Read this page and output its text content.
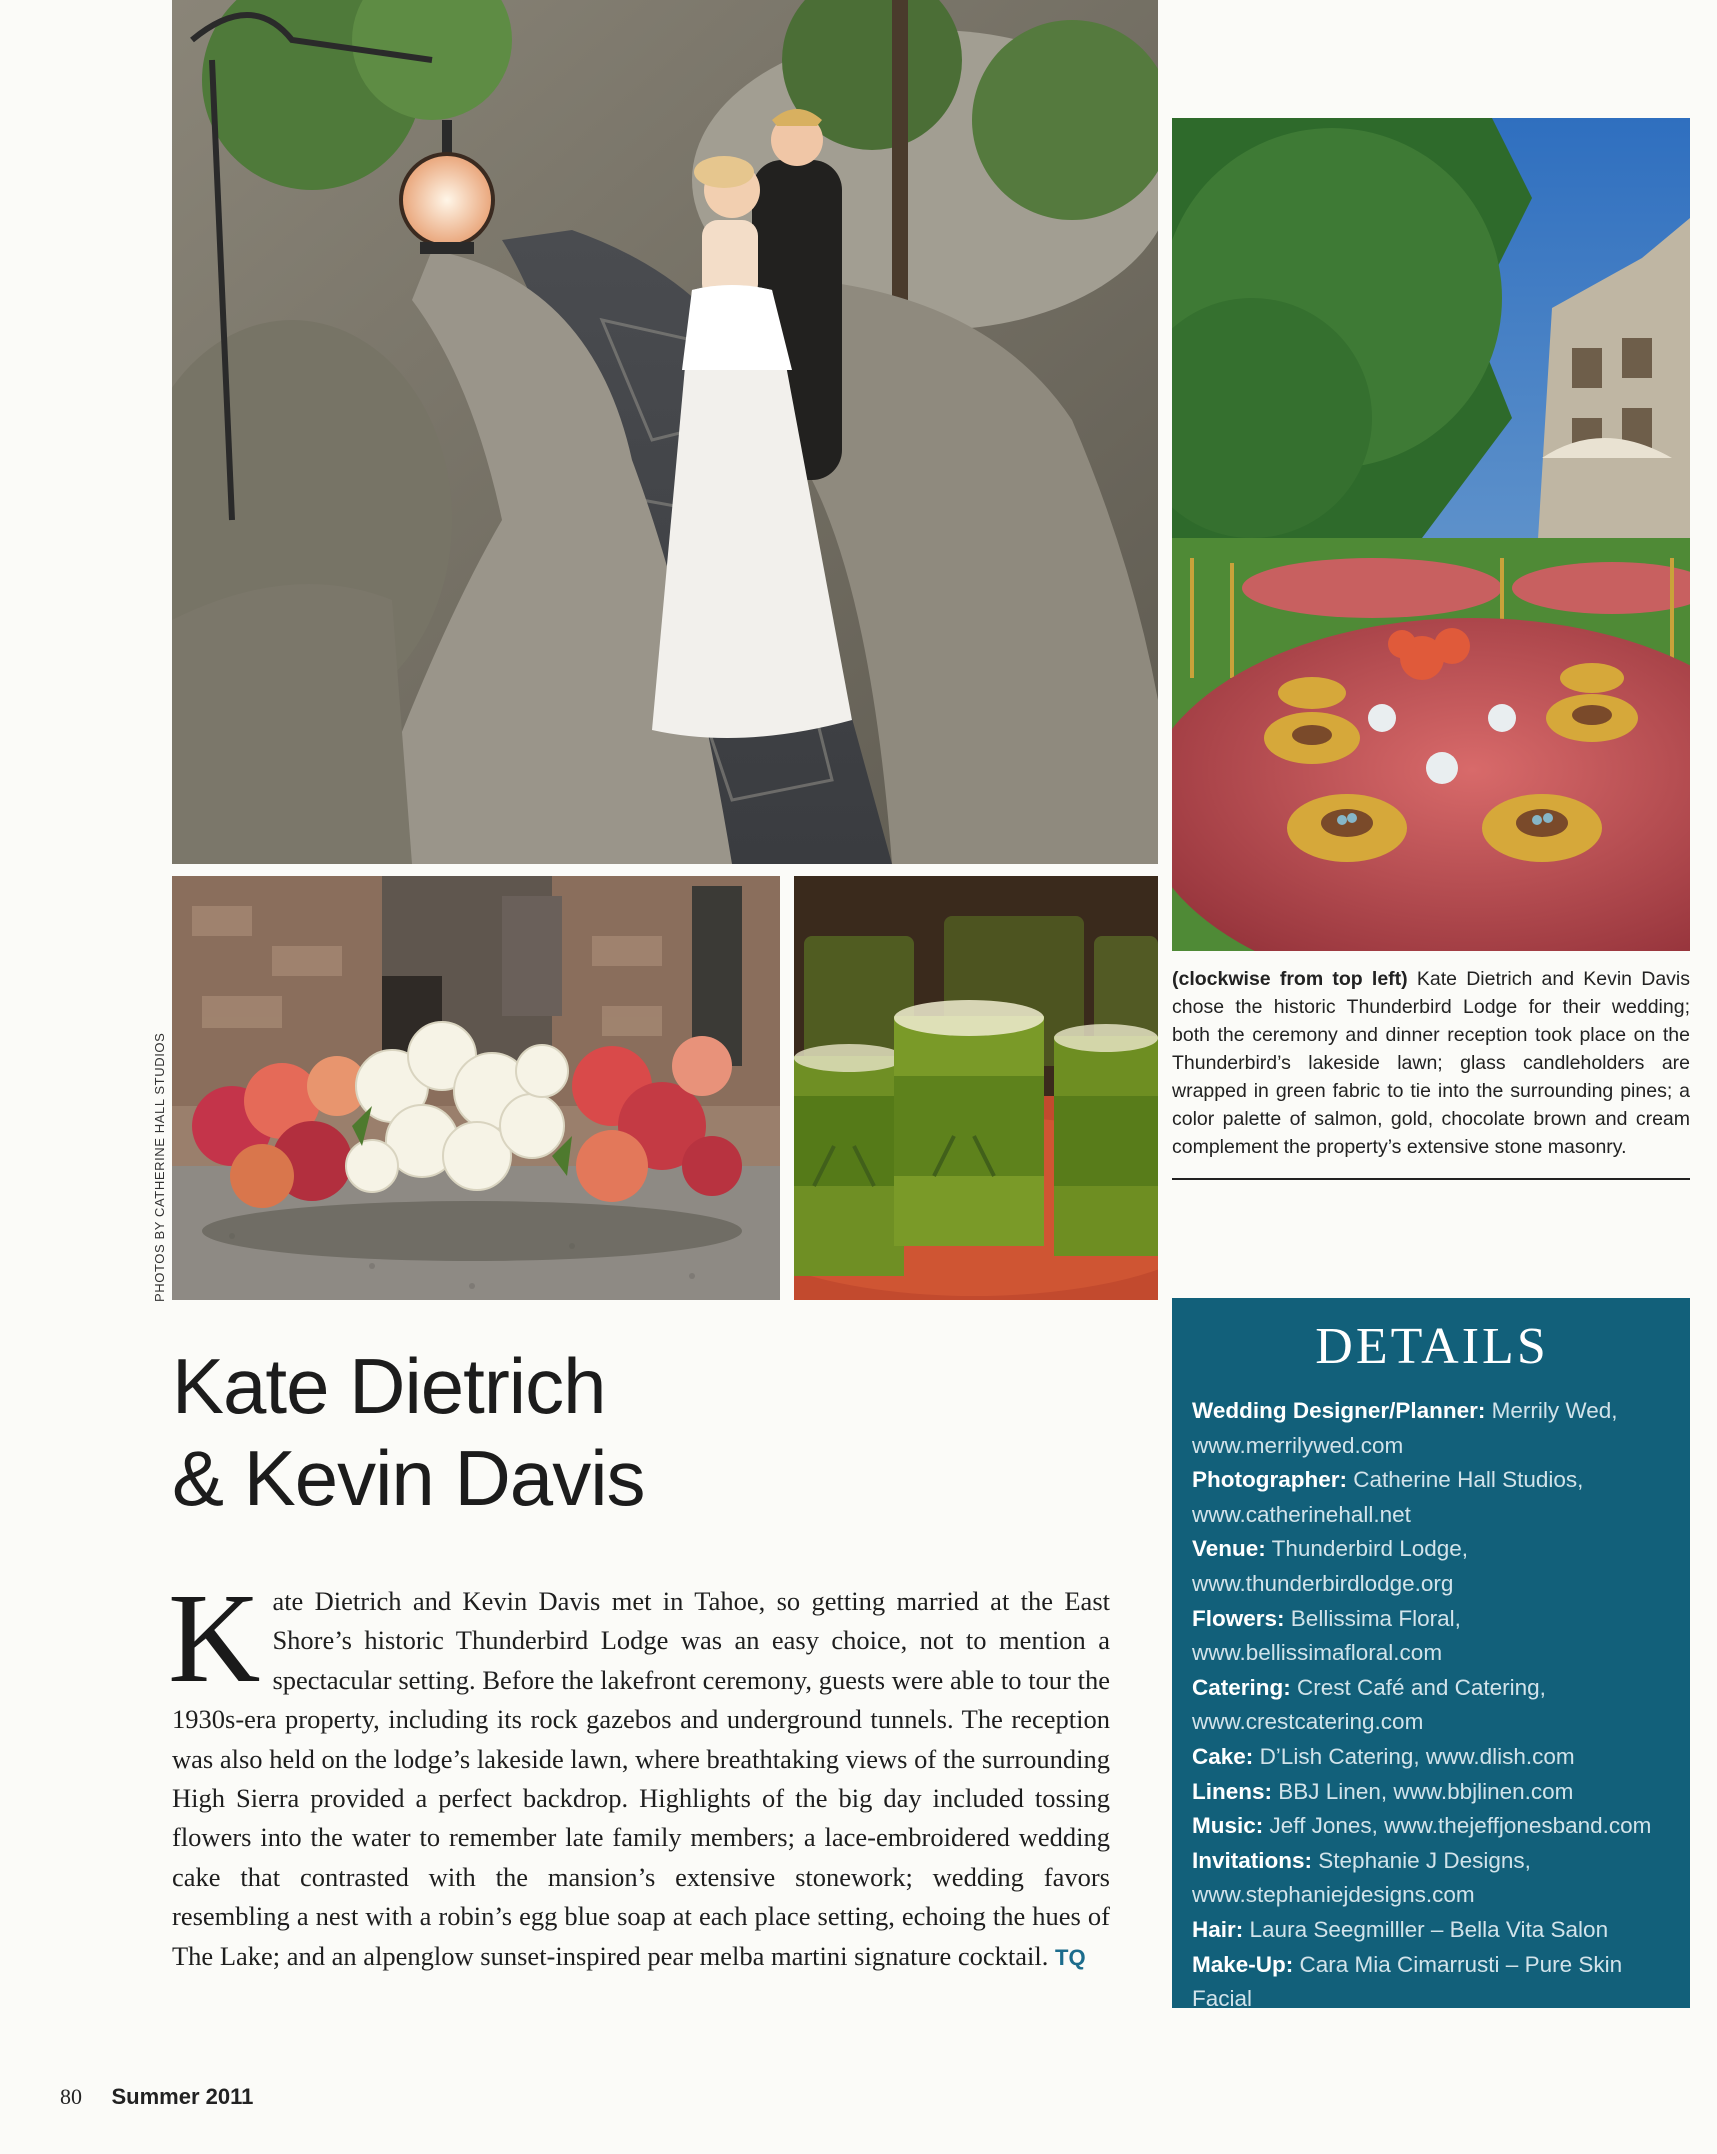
PHOTOS BY CATHERINE HALL STUDIOS
(clockwise from top left) Kate Dietrich and Kevin Davis chose the historic Thunderbird Lodge for their wedding; both the ceremony and dinner reception took place on the Thunderbird’s lakeside lawn; glass candleholders are wrapped in green fabric to tie into the surrounding pines; a color palette of salmon, gold, chocolate brown and cream complement the property’s extensive stone masonry.
Kate Dietrich
& Kevin Davis
Kate Dietrich and Kevin Davis met in Tahoe, so getting married at the East Shore’s historic Thunderbird Lodge was an easy choice, not to mention a spectacular setting. Before the lakefront ceremony, guests were able to tour the 1930s-era property, including its rock gazebos and underground tunnels. The reception was also held on the lodge’s lakeside lawn, where breathtaking views of the surrounding High Sierra provided a perfect backdrop. Highlights of the big day included tossing flowers into the water to remember late family members; a lace-embroidered wedding cake that contrasted with the mansion’s extensive stonework; wedding favors resembling a nest with a robin’s egg blue soap at each place setting, echoing the hues of The Lake; and an alpenglow sunset-inspired pear melba martini signature cocktail. TQ
DETAILS
Wedding Designer/Planner: Merrily Wed, www.merrilywed.com
Photographer: Catherine Hall Studios, www.catherinehall.net
Venue: Thunderbird Lodge, www.thunderbirdlodge.org
Flowers: Bellissima Floral, www.bellissimafloral.com
Catering: Crest Café and Catering, www.crestcatering.com
Cake: D’Lish Catering, www.dlish.com
Linens: BBJ Linen, www.bbjlinen.com
Music: Jeff Jones, www.thejeffjonesband.com
Invitations: Stephanie J Designs, www.stephaniejdesigns.com
Hair: Laura Seegmilller – Bella Vita Salon
Make-Up: Cara Mia Cimarrusti – Pure Skin Facial
80 Summer 2011
